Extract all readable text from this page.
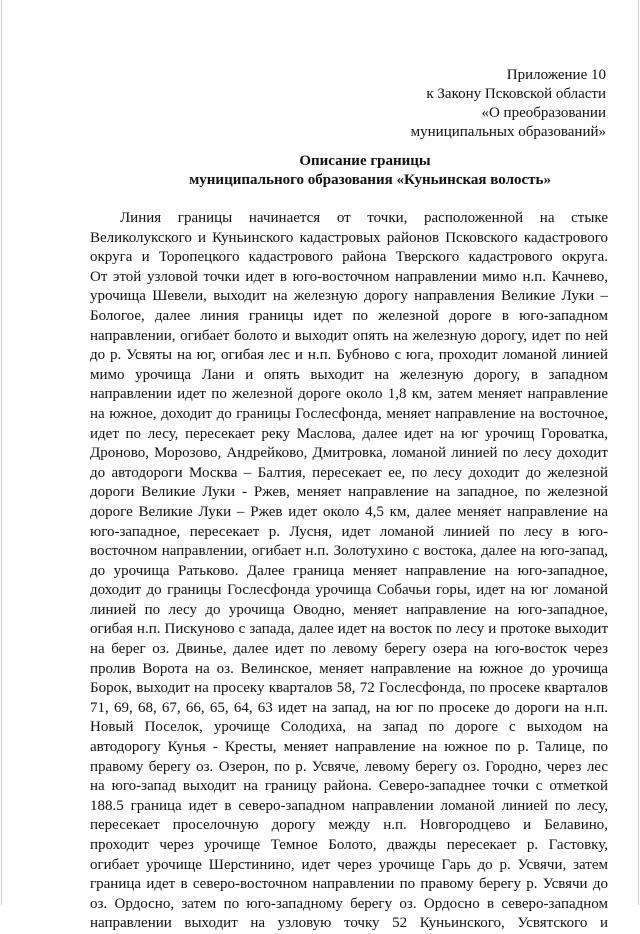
Приложение 10
к Закону Псковской области
«О преобразовании
муниципальных образований»
Описание границы
муниципального образования «Куньинская волость»
Линия границы начинается от точки, расположенной на стыке
Великолукского и Куньинского кадастровых районов Псковского кадастрового
округа и Торопецкого кадастрового района Тверского кадастрового округа.
От этой узловой точки идет в юго-восточном направлении мимо н.п. Качнево,
урочища Шевели, выходит на железную дорогу направления Великие Луки –
Бологое, далее линия границы идет по железной дороге в юго-западном
направлении, огибает болото и выходит опять на железную дорогу, идет по ней
до р. Усвяты на юг, огибая лес и н.п. Бубново с юга, проходит ломаной линией
мимо урочища Лани и опять выходит на железную дорогу, в западном
направлении идет по железной дороге около 1,8 км, затем меняет направление
на южное, доходит до границы Гослесфонда, меняет направление на восточное,
идет по лесу, пересекает реку Маслова, далее идет на юг урочищ Гороватка,
Дроново, Морозово, Андрейково, Дмитровка, ломаной линией по лесу доходит
до автодороги Москва – Балтия, пересекает ее, по лесу доходит до железной
дороги Великие Луки - Ржев, меняет направление на западное, по железной
дороге Великие Луки – Ржев идет около 4,5 км, далее меняет направление на
юго-западное, пересекает р. Лусня, идет ломаной линией по лесу в юго-
восточном направлении, огибает н.п. Золотухино с востока, далее на юго-запад,
до урочища Ратьково. Далее граница меняет направление на юго-западное,
доходит до границы Гослесфонда урочища Собачьи горы, идет на юг ломаной
линией по лесу до урочища Оводно, меняет направление на юго-западное,
огибая н.п. Пискуново с запада, далее идет на восток по лесу и протоке выходит
на берег оз. Двинье, далее идет по левому берегу озера на юго-восток через
пролив Ворота на оз. Велинское, меняет направление на южное до урочища
Борок, выходит на просеку кварталов 58, 72 Гослесфонда, по просеке кварталов
71, 69, 68, 67, 66, 65, 64, 63 идет на запад, на юг по просеке до дороги на н.п.
Новый Поселок, урочище Солодиха, на запад по дороге с выходом на
автодорогу Кунья - Кресты, меняет направление на южное по р. Талице, по
правому берегу оз. Озерон, по р. Усвяче, левому берегу оз. Городно, через лес
на юго-запад выходит на границу района. Северо-западнее точки с отметкой
188.5 граница идет в северо-западном направлении ломаной линией по лесу,
пересекает проселочную дорогу между н.п. Новгородцево и Белавино,
проходит через урочище Темное Болото, дважды пересекает р. Гастовку,
огибает урочище Шерстинино, идет через урочище Гарь до р. Усвячи, затем
граница идет в северо-восточном направлении по правому берегу р. Усвячи до
оз. Ордосно, затем по юго-западному берегу оз. Ордосно в северо-западном
направлении выходит на узловую точку 52 Куньинского, Усвятского и
